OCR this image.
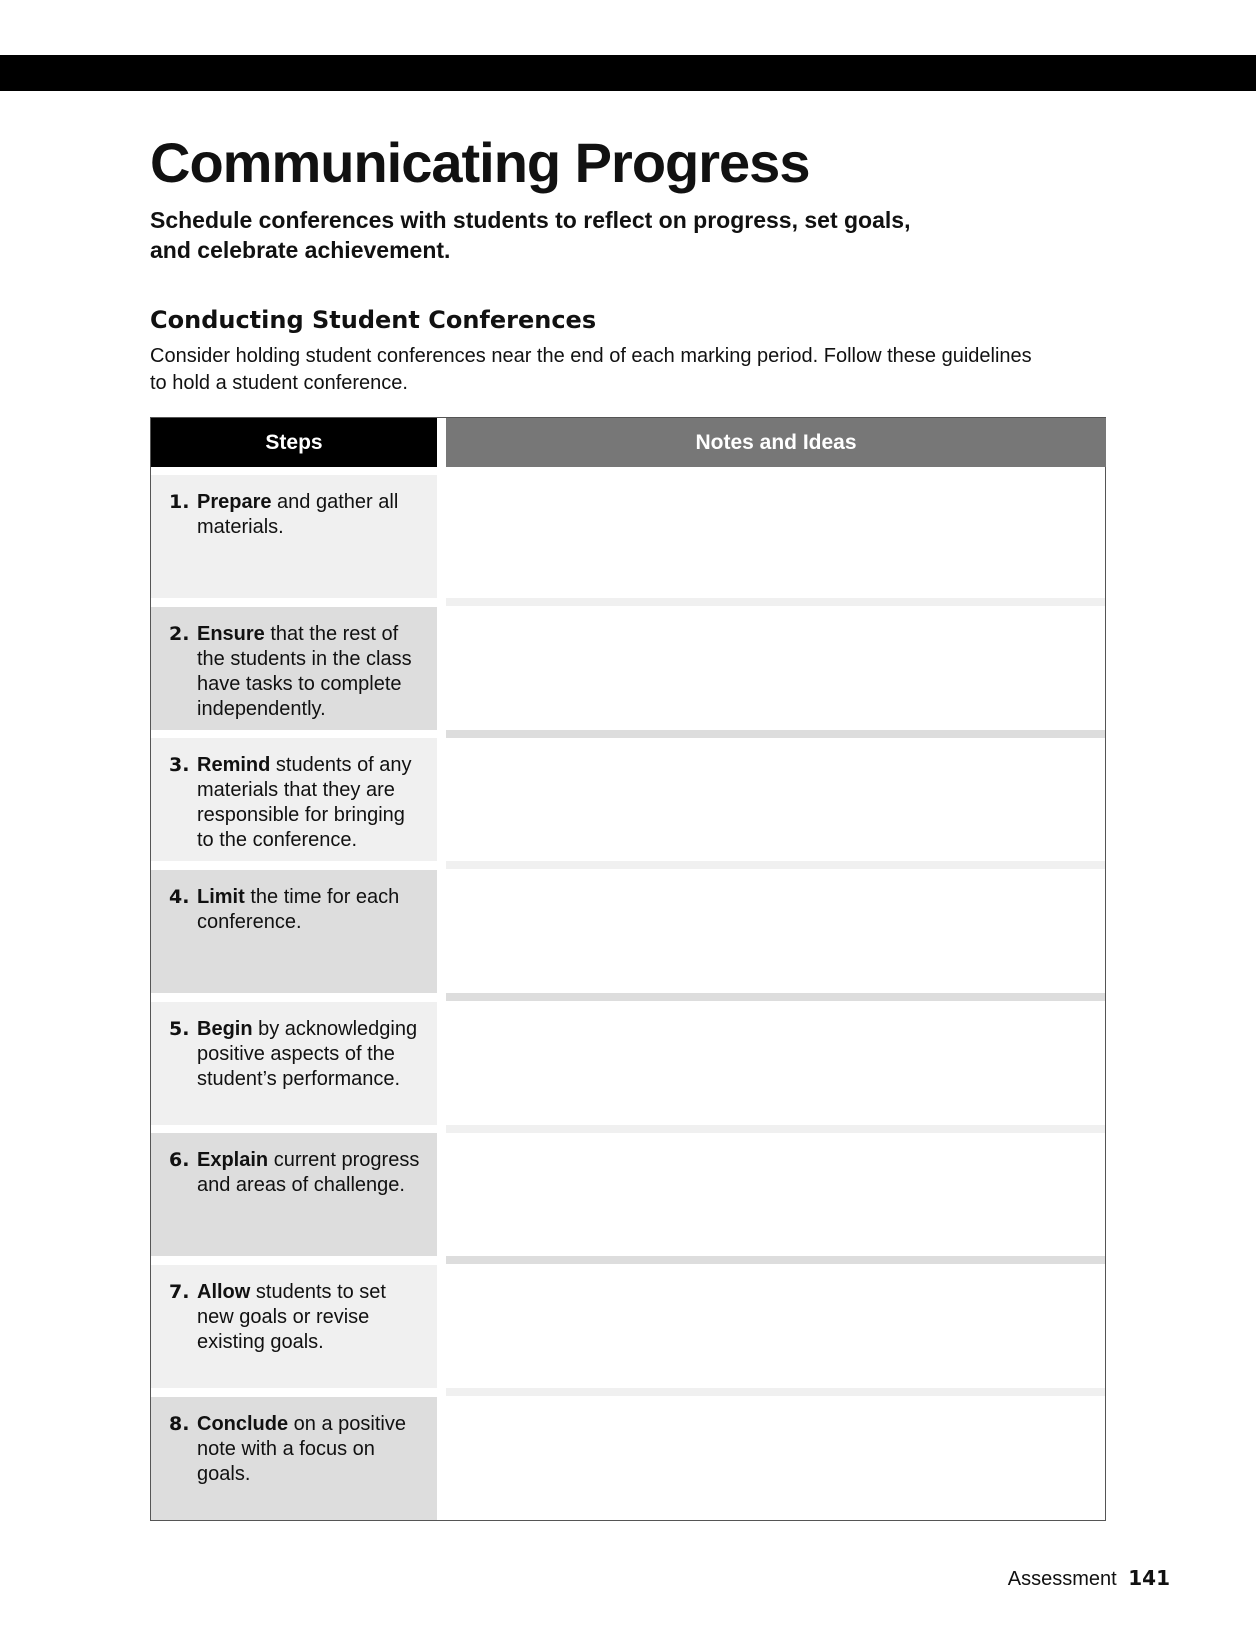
Communicating Progress

Schedule conferences with students to reflect on progress, set goals,
and celebrate achievement.

Conducting Student Conferences

Consider holding student conferences near the end of each marking period. Follow these guidelines
to hold a student conference.

Steps	Notes and Ideas
1. Prepare and gather all materials.
2. Ensure that the rest of the students in the class have tasks to complete independently.
3. Remind students of any materials that they are responsible for bringing to the conference.
4. Limit the time for each conference.
5. Begin by acknowledging positive aspects of the student’s performance.
6. Explain current progress and areas of challenge.
7. Allow students to set new goals or revise existing goals.
8. Conclude on a positive note with a focus on goals.
Assessment 141
